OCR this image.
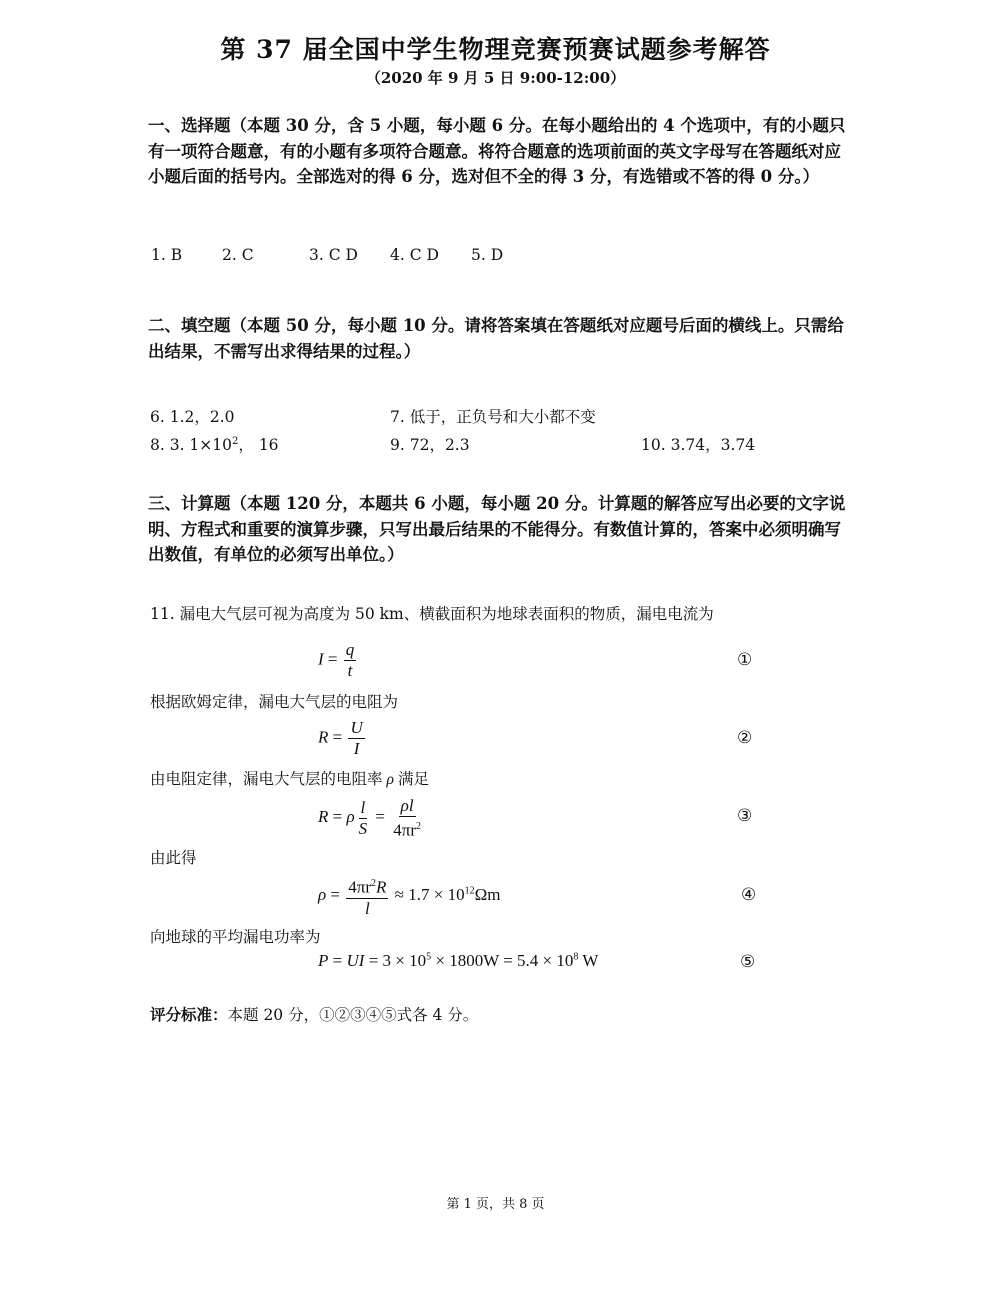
第 37 届全国中学生物理竞赛预赛试题参考解答
（2020 年 9 月 5 日 9:00-12:00）
一、选择题（本题 30 分，含 5 小题，每小题 6 分。在每小题给出的 4 个选项中，有的小题只有一项符合题意，有的小题有多项符合题意。将符合题意的选项前面的英文字母写在答题纸对应小题后面的括号内。全部选对的得 6 分，选对但不全的得 3 分，有选错或不答的得 0 分。）
1. B	2. C	3. C D 4. C D 5. D
二、填空题（本题 50 分，每小题 10 分。请将答案填在答题纸对应题号后面的横线上。只需给出结果，不需写出求得结果的过程。）
6. 1.2，2.0	7. 低于，正负号和大小都不变
8. 3. $1\times 10^2$， 16	9. 72，2.3	10. 3.74，3.74
三、计算题（本题 120 分，本题共 6 小题，每小题 20 分。计算题的解答应写出必要的文字说明、方程式和重要的演算步骤，只写出最后结果的不能得分。有数值计算的，答案中必须明确写出数值，有单位的必须写出单位。）
11. 漏电大气层可视为高度为 50 km、横截面积为地球表面积的物质，漏电电流为
$I = \frac{q}{t}$	①
根据欧姆定律，漏电大气层的电阻为
$R = \frac{U}{I}$	②
由电阻定律，漏电大气层的电阻率 ρ 满足
R = ρ $\frac{l}{S} = \frac{\rho l}{4\pi r^2}$	③
由此得
$\rho = \frac{4\pi r^2R}{l} \approx 1.7 \times 10^{12}\Omega m$	④
向地球的平均漏电功率为
P = UI = $3 \times 10^5 \times 1800W = 5.4 \times 10^8$ W	⑤
评分标准：本题 20 分，①②③④⑤式各 4 分。
第 1 页，共 8 页
